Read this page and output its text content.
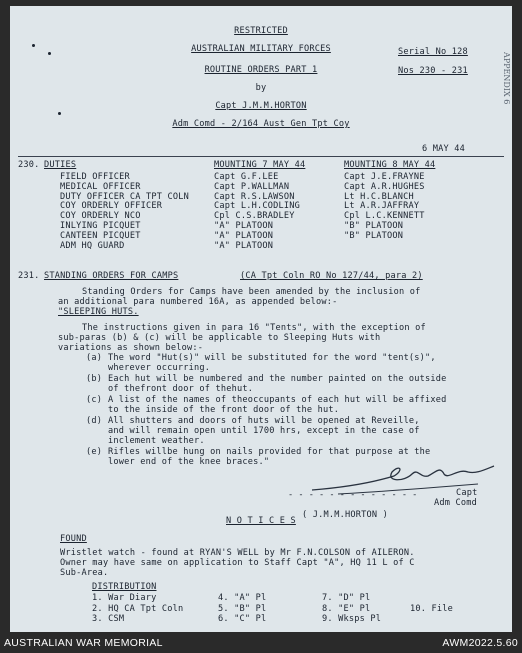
RESTRICTED
AUSTRALIAN MILITARY FORCES
ROUTINE ORDERS PART 1
by
Capt J.M.M.HORTON
Adm Comd - 2/164 Aust Gen Tpt Coy
Serial No 128
Nos 230 - 231	APPENDIX 6
6 MAY 44
230. DUTIES	MOUNTING 7 MAY 44	MOUNTING 8 MAY 44
FIELD OFFICER	Capt G.F.LEE	Capt J.E.FRAYNE
MEDICAL OFFICER	Capt P.WALLMAN	Capt A.R.HUGHES
DUTY OFFICER CA TPT COLN	Capt R.S.LAWSON	Lt H.C.BLANCH
COY ORDERLY OFFICER	Capt L.H.CODLING	Lt A.R.JAFFRAY
COY ORDERLY NCO	Cpl C.S.BRADLEY	Cpl L.C.KENNETT
INLYING PICQUET	"A" PLATOON	"B" PLATOON
CANTEEN PICQUET	"A" PLATOON	"B" PLATOON
ADM HQ GUARD	"A" PLATOON
231. STANDING ORDERS FOR CAMPS	(CA Tpt Coln RO No 127/44, para 2)
Standing Orders for Camps have been amended by the inclusion of
an additional para numbered 16A, as appended below:-
"SLEEPING HUTS.
The instructions given in para 16 "Tents", with the exception of
sub-paras (b) & (c) will be applicable to Sleeping Huts with
variations as shown below:-
(a) The word "Hut(s)" will be substituted for the word "tent(s)",
wherever occurring.
(b) Each hut will be numbered and the number painted on the outside
of thefront door of thehut.
(c) A list of the names of theoccupants of each hut will be affixed
to the inside of the front door of the hut.
(d) All shutters and doors of huts will be opened at Reveille,
and will remain open until 1700 hrs, except in the case of
inclement weather.
(e) Rifles willbe hung on nails provided for that purpose at the
lower end of the knee braces."
- - - - - - - - - - - - -	Capt
Adm Comd
( J.M.M.HORTON )
N O T I C E S
FOUND
Wristlet watch - found at RYAN'S WELL by Mr F.N.COLSON of AILERON.
Owner may have same on application to Staff Capt "A", HQ 11 L of C
Sub-Area.
DISTRIBUTION
1. War Diary
2. HQ CA Tpt Coln
3. CSM
4. "A" Pl
5. "B" Pl
6. "C" Pl
7. "D" Pl
8. "E" Pl
9. Wksps Pl
10. File
AUSTRALIAN WAR MEMORIAL	AWM2022.5.60
